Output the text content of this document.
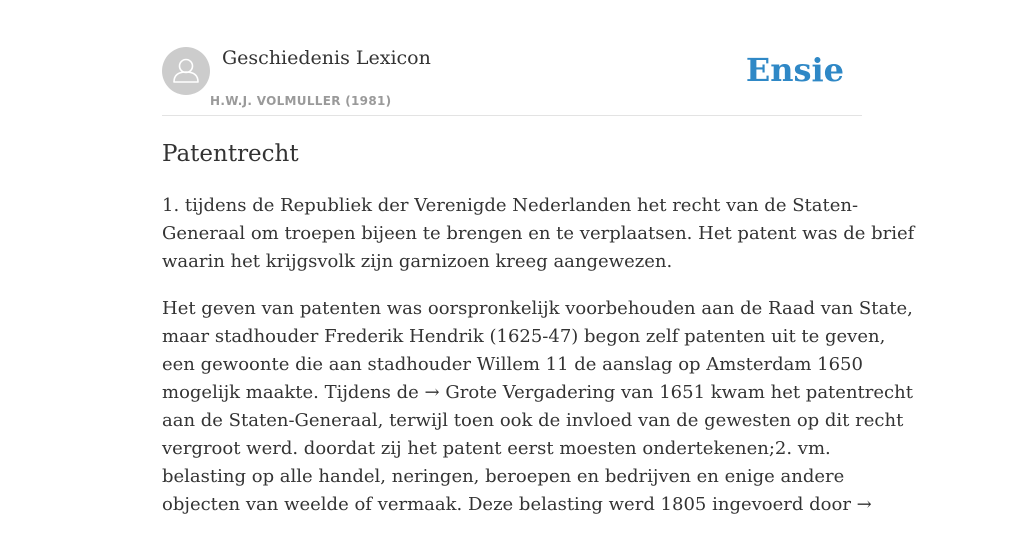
Geschiedenis Lexicon
H.W.J. VOLMULLER (1981)
Ensie
Patentrecht

1. tijdens de Republiek der Verenigde Nederlanden het recht van de Staten-
Generaal om troepen bijeen te brengen en te verplaatsen. Het patent was de brief
waarin het krijgsvolk zijn garnizoen kreeg aangewezen.

Het geven van patenten was oorspronkelijk voorbehouden aan de Raad van State,
maar stadhouder Frederik Hendrik (1625-47) begon zelf patenten uit te geven,
een gewoonte die aan stadhouder Willem 11 de aanslag op Amsterdam 1650
mogelijk maakte. Tijdens de → Grote Vergadering van 1651 kwam het patentrecht
aan de Staten-Generaal, terwijl toen ook de invloed van de gewesten op dit recht
vergroot werd. doordat zij het patent eerst moesten ondertekenen;2. vm.
belasting op alle handel, neringen, beroepen en bedrijven en enige andere
objecten van weelde of vermaak. Deze belasting werd 1805 ingevoerd door →
